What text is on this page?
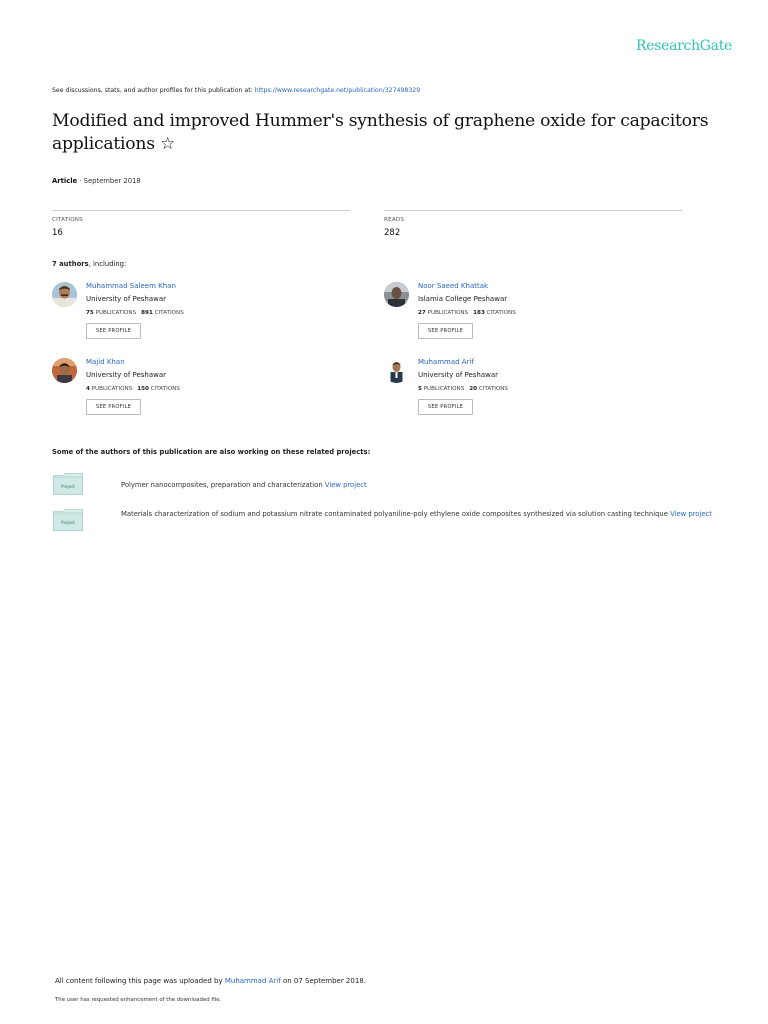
ResearchGate
See discussions, stats, and author profiles for this publication at: https://www.researchgate.net/publication/327498329
Modified and improved Hummer's synthesis of graphene oxide for capacitors applications ☆
Article · September 2018
CITATIONS
16
READS
282
7 authors, including:
Muhammad Saleem Khan
University of Peshawar
75 PUBLICATIONS 891 CITATIONS
SEE PROFILE
Noor Saeed Khattak
Islamia College Peshawar
27 PUBLICATIONS 183 CITATIONS
SEE PROFILE
Majid Khan
University of Peshawar
4 PUBLICATIONS 150 CITATIONS
SEE PROFILE
Muhammad Arif
University of Peshawar
5 PUBLICATIONS 20 CITATIONS
SEE PROFILE
Some of the authors of this publication are also working on these related projects:
Project	Polymer nanocomposites, preparation and characterization View project
Project
Materials characterization of sodium and potassium nitrate contaminated polyaniline-poly ethylene oxide composites synthesized via solution casting technique View project
All content following this page was uploaded by Muhammad Arif on 07 September 2018.
The user has requested enhancement of the downloaded file.
